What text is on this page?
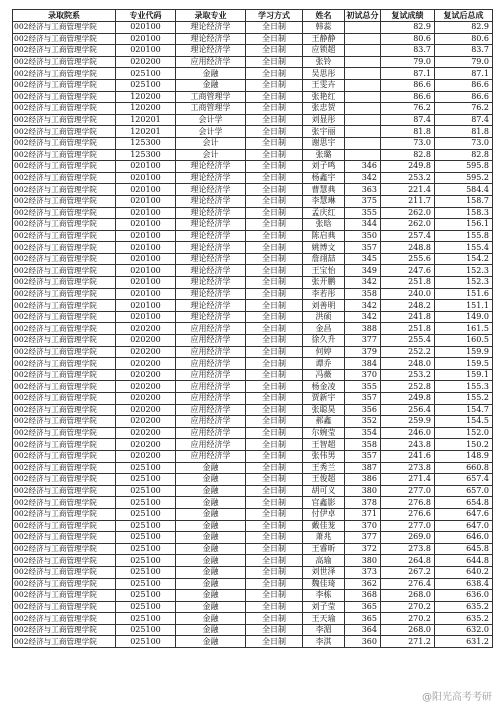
录取院系	专业代码	录取专业	学习方式	姓名	初试总分	复试成绩	复试后总成
002经济与工商管理学院	020100	理论经济学	全日制	韩蕊		82.9	82.9
002经济与工商管理学院	020100	理论经济学	全日制	王静静		80.6	80.6
002经济与工商管理学院	020100	理论经济学	全日制	应锁超		83.7	83.7
002经济与工商管理学院	020200	应用经济学	全日制	张铃		79.0	79.0
002经济与工商管理学院	025100	金融	全日制	吴思彤		87.1	87.1
002经济与工商管理学院	025100	金融	全日制	王雯卉		86.6	86.6
002经济与工商管理学院	120200	工商管理学	全日制	张艳红		86.6	86.6
002经济与工商管理学院	120200	工商管理学	全日制	张忠贺		76.2	76.2
002经济与工商管理学院	120201	会计学	全日制	刘显彤		87.4	87.4
002经济与工商管理学院	120201	会计学	全日制	张宇丽		81.8	81.8
002经济与工商管理学院	125300	会计	全日制	谢思宇		73.0	73.0
002经济与工商管理学院	125300	会计	全日制	张璐		82.8	82.8
002经济与工商管理学院	020100	理论经济学	全日制	刘子鸣	346	249.8	595.8
002经济与工商管理学院	020100	理论经济学	全日制	杨鑫宇	342	253.2	595.2
002经济与工商管理学院	020100	理论经济学	全日制	曹慧典	363	221.4	584.4
002经济与工商管理学院	020100	理论经济学	全日制	李慧琳	375	211.7	158.7
002经济与工商管理学院	020100	理论经济学	全日制	孟庆红	355	262.0	158.3
002经济与工商管理学院	020100	理论经济学	全日制	张晗	344	262.0	156.1
002经济与工商管理学院	020100	理论经济学	全日制	陈启典	350	257.4	155.8
002经济与工商管理学院	020100	理论经济学	全日制	姚博文	357	248.8	155.4
002经济与工商管理学院	020100	理论经济学	全日制	詹翊喆	345	255.6	154.2
002经济与工商管理学院	020100	理论经济学	全日制	王宝怡	349	247.6	152.3
002经济与工商管理学院	020100	理论经济学	全日制	张开鹏	342	251.8	152.3
002经济与工商管理学院	020100	理论经济学	全日制	李若彤	358	240.0	151.6
002经济与工商管理学院	020100	理论经济学	全日制	刘善明	342	248.2	151.1
002经济与工商管理学院	020100	理论经济学	全日制	洪硕	342	241.8	149.0
002经济与工商管理学院	020200	应用经济学	全日制	金昌	388	251.8	161.5
002经济与工商管理学院	020200	应用经济学	全日制	徐久升	377	255.4	160.5
002经济与工商管理学院	020200	应用经济学	全日制	何婷	379	252.2	159.9
002经济与工商管理学院	020200	应用经济学	全日制	谭乔	384	248.0	159.5
002经济与工商管理学院	020200	应用经济学	全日制	冯薇	370	253.2	159.1
002经济与工商管理学院	020200	应用经济学	全日制	杨金凌	355	252.8	155.3
002经济与工商管理学院	020200	应用经济学	全日制	贾新宇	357	249.8	155.2
002经济与工商管理学院	020200	应用经济学	全日制	张聪昊	356	256.4	154.7
002经济与工商管理学院	020200	应用经济学	全日制	郝鑫	352	259.9	154.5
002经济与工商管理学院	020200	应用经济学	全日制	尔婉莹	354	246.0	152.0
002经济与工商管理学院	020200	应用经济学	全日制	王智超	358	243.8	150.2
002经济与工商管理学院	020200	应用经济学	全日制	张伟男	357	241.6	148.9
002经济与工商管理学院	025100	金融	全日制	王秀兰	387	273.8	660.8
002经济与工商管理学院	025100	金融	全日制	王俊超	386	271.4	657.4
002经济与工商管理学院	025100	金融	全日制	胡可义	380	277.0	657.0
002经济与工商管理学院	025100	金融	全日制	官鑫影	378	276.8	654.8
002经济与工商管理学院	025100	金融	全日制	付伊卓	371	276.6	647.6
002经济与工商管理学院	025100	金融	全日制	戴佳茏	370	277.0	647.0
002经济与工商管理学院	025100	金融	全日制	萧兆	377	269.0	646.0
002经济与工商管理学院	025100	金融	全日制	王睿昕	372	273.8	645.8
002经济与工商管理学院	025100	金融	全日制	高瑜	380	264.8	644.8
002经济与工商管理学院	025100	金融	全日制	刘世泽	373	267.2	640.2
002经济与工商管理学院	025100	金融	全日制	魏佳琦	362	276.4	638.4
002经济与工商管理学院	025100	金融	全日制	李栋	368	268.0	636.0
002经济与工商管理学院	025100	金融	全日制	刘子莹	365	270.2	635.2
002经济与工商管理学院	025100	金融	全日制	王天瑜	365	270.2	635.2
002经济与工商管理学院	025100	金融	全日制	李湄	364	268.0	632.0
002经济与工商管理学院	025100	金融	全日制	李淇	360	271.2	631.2
@阳光高考考研
